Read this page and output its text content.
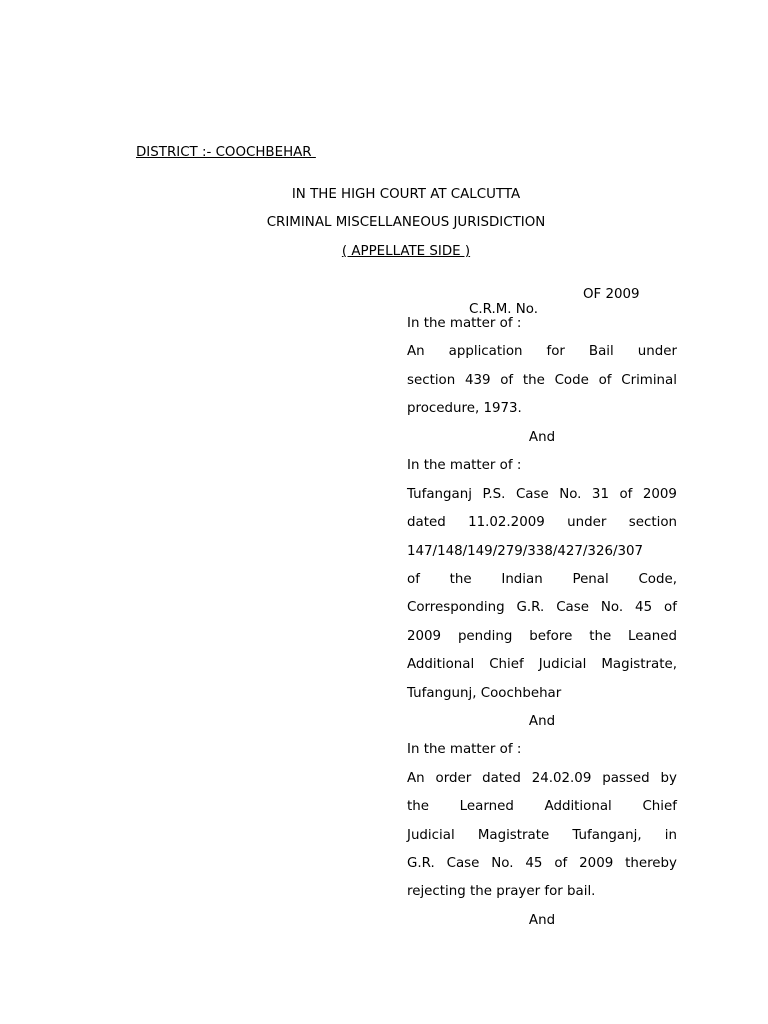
DISTRICT :- COOCHBEHAR
IN THE HIGH COURT AT CALCUTTA
CRIMINAL MISCELLANEOUS JURISDICTION
( APPELLATE SIDE )

C.R.M. No.

OF 2009

In the matter of :
An application for Bail under
section 439 of the Code of Criminal
procedure, 1973.
And
In the matter of :
Tufanganj P.S. Case No. 31 of 2009
dated 11.02.2009 under section
147/148/149/279/338/427/326/307
of the Indian Penal Code,
Corresponding G.R. Case No. 45 of
2009 pending before the Leaned
Additional Chief Judicial Magistrate,
Tufangunj, Coochbehar
And
In the matter of :
An order dated 24.02.09 passed by
the Learned Additional Chief
Judicial Magistrate Tufanganj, in
G.R. Case No. 45 of 2009 thereby
rejecting the prayer for bail.
And
